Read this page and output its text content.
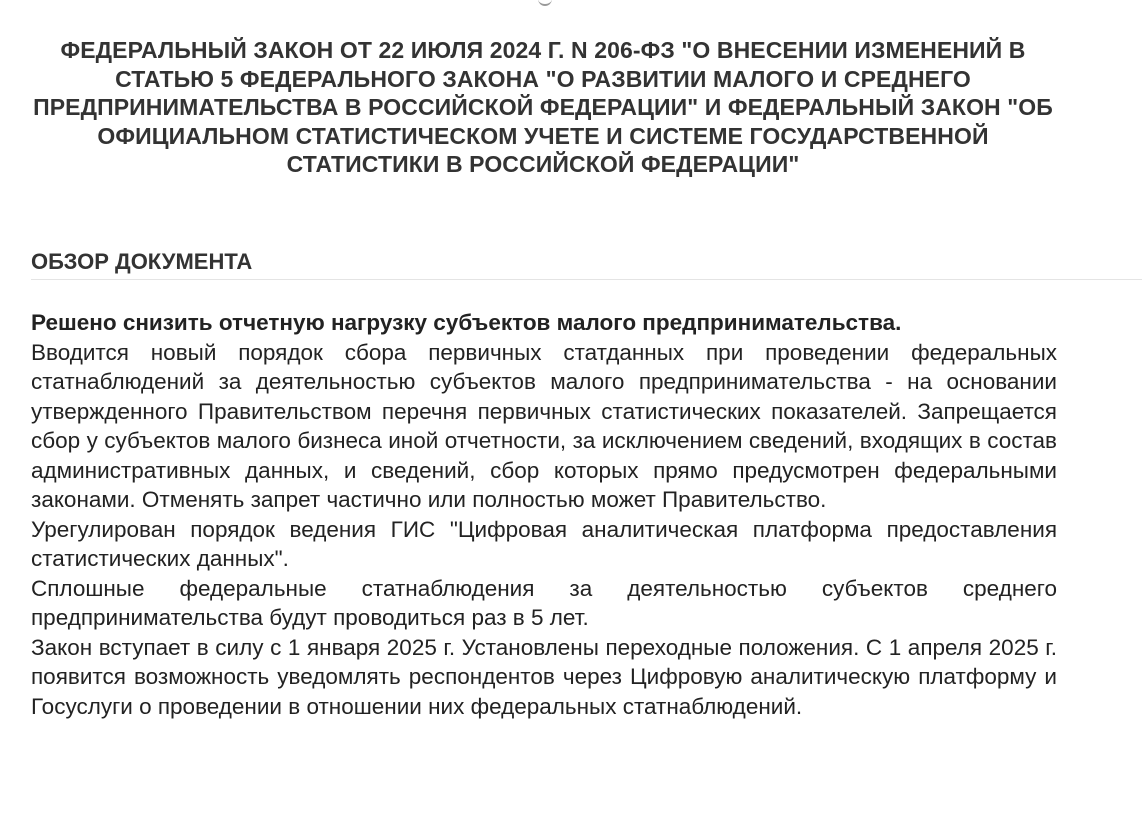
ФЕДЕРАЛЬНЫЙ ЗАКОН ОТ 22 ИЮЛЯ 2024 Г. N 206-ФЗ "О ВНЕСЕНИИ ИЗМЕНЕНИЙ В СТАТЬЮ 5 ФЕДЕРАЛЬНОГО ЗАКОНА "О РАЗВИТИИ МАЛОГО И СРЕДНЕГО ПРЕДПРИНИМАТЕЛЬСТВА В РОССИЙСКОЙ ФЕДЕРАЦИИ" И ФЕДЕРАЛЬНЫЙ ЗАКОН "ОБ ОФИЦИАЛЬНОМ СТАТИСТИЧЕСКОМ УЧЕТЕ И СИСТЕМЕ ГОСУДАРСТВЕННОЙ СТАТИСТИКИ В РОССИЙСКОЙ ФЕДЕРАЦИИ"
ОБЗОР ДОКУМЕНТА

Решено снизить отчетную нагрузку субъектов малого предпринимательства.

Вводится новый порядок сбора первичных статданных при проведении федеральных статнаблюдений за деятельностью субъектов малого предпринимательства - на основании утвержденного Правительством перечня первичных статистических показателей. Запрещается сбор у субъектов малого бизнеса иной отчетности, за исключением сведений, входящих в состав административных данных, и сведений, сбор которых прямо предусмотрен федеральными законами. Отменять запрет частично или полностью может Правительство.

Урегулирован порядок ведения ГИС "Цифровая аналитическая платформа предоставления статистических данных".

Сплошные федеральные статнаблюдения за деятельностью субъектов среднего предпринимательства будут проводиться раз в 5 лет.

Закон вступает в силу с 1 января 2025 г. Установлены переходные положения. С 1 апреля 2025 г. появится возможность уведомлять респондентов через Цифровую аналитическую платформу и Госуслуги о проведении в отношении них федеральных статнаблюдений.
